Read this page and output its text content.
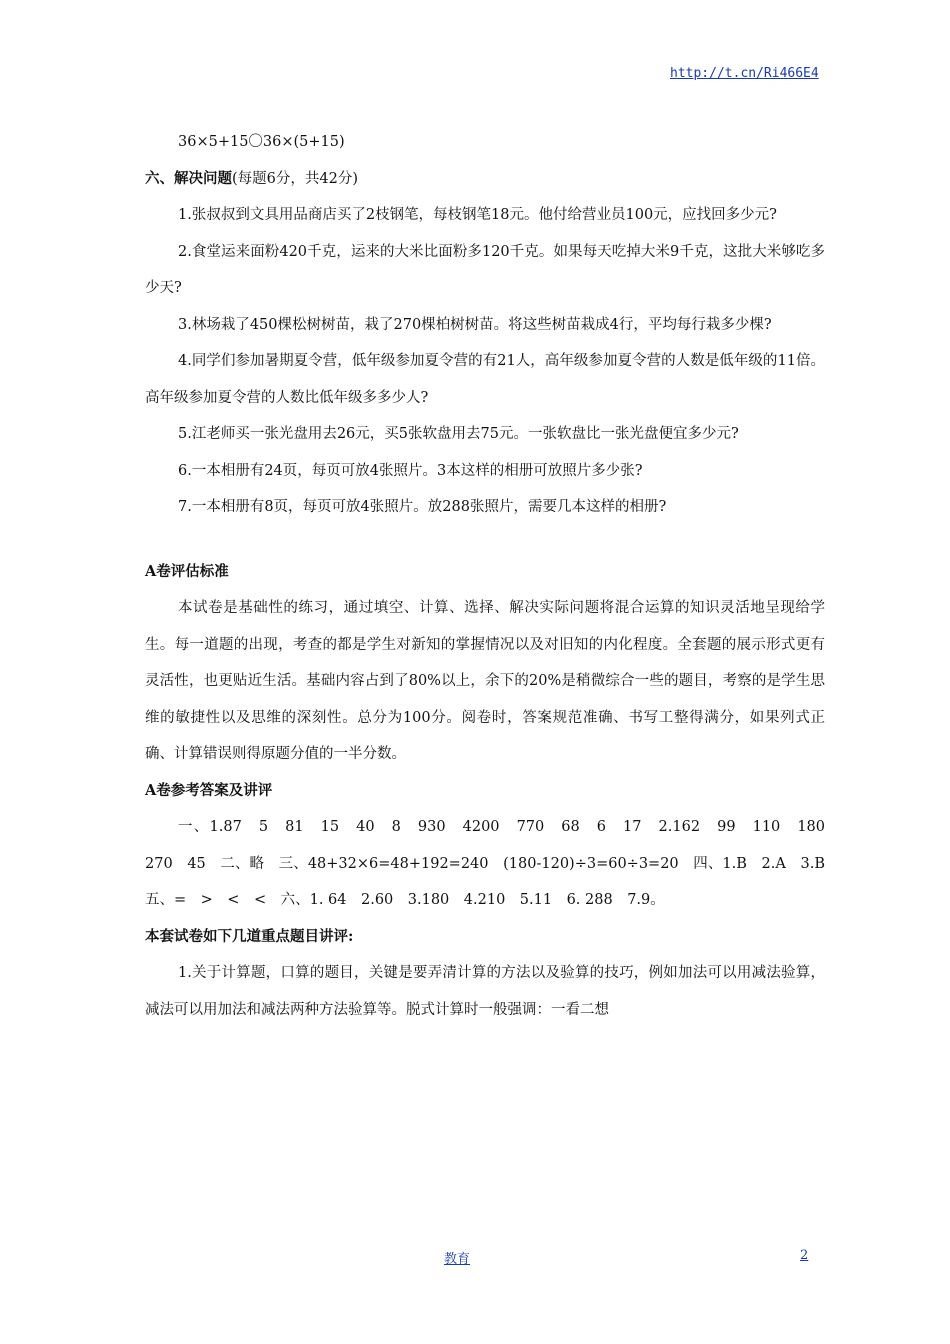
http://t.cn/Ri466E4

36×5+15〇36×(5+15)

六、解决问题(每题6分，共42分)

1.张叔叔到文具用品商店买了2枝钢笔，每枝钢笔18元。他付给营业员100元，应找回多少元?

2.食堂运来面粉420千克，运来的大米比面粉多120千克。如果每天吃掉大米9千克，这批大米够吃多少天?

3.林场栽了450棵松树树苗，栽了270棵柏树树苗。将这些树苗栽成4行，平均每行栽多少棵?

4.同学们参加暑期夏令营，低年级参加夏令营的有21人，高年级参加夏令营的人数是低年级的11倍。高年级参加夏令营的人数比低年级多多少人?

5.江老师买一张光盘用去26元，买5张软盘用去75元。一张软盘比一张光盘便宜多少元?

6.一本相册有24页，每页可放4张照片。3本这样的相册可放照片多少张?

7.一本相册有8页，每页可放4张照片。放288张照片，需要几本这样的相册?

A卷评估标准

本试卷是基础性的练习，通过填空、计算、选择、解决实际问题将混合运算的知识灵活地呈现给学生。每一道题的出现，考查的都是学生对新知的掌握情况以及对旧知的内化程度。全套题的展示形式更有灵活性，也更贴近生活。基础内容占到了80%以上，余下的20%是稍微综合一些的题目，考察的是学生思维的敏捷性以及思维的深刻性。总分为100分。阅卷时，答案规范准确、书写工整得满分，如果列式正确、计算错误则得原题分值的一半分数。

A卷参考答案及讲评

一、1.87　5　81　15　40　8　930　4200　770　68　6　17　2.162　99　110　180　270　45　二、略　三、48+32×6=48+192=240　(180-120)÷3=60÷3=20　四、1.B　2.A　3.B　五、=　>　<　<　六、1. 64　2.60　3.180　4.210　5.11　6. 288　7.9。

本套试卷如下几道重点题目讲评:

1.关于计算题，口算的题目，关键是要弄清计算的方法以及验算的技巧，例如加法可以用减法验算，减法可以用加法和减法两种方法验算等。脱式计算时一般强调：一看二想

教育	2
